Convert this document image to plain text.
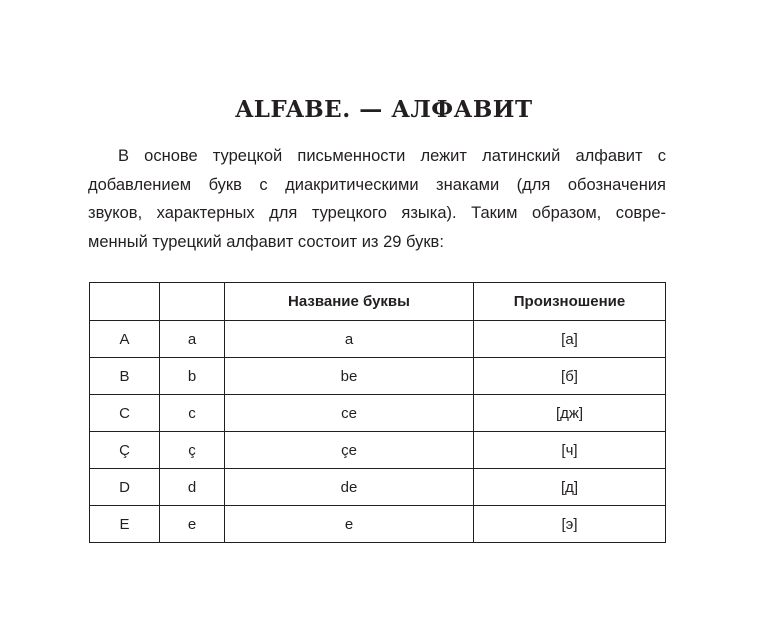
ALFABE. — АЛФАВИТ
В основе турецкой письменности лежит латинский алфавит с
добавлением букв с диакритическими знаками (для обозначения
звуков, характерных для турецкого языка). Таким образом, совре-
менный турецкий алфавит состоит из 29 букв:
		Название буквы	Произношение
A	a	a	[а]
B	b	be	[б]
C	c	ce	[дж]
Ç	ç	çe	[ч]
D	d	de	[д]
E	e	e	[э]
